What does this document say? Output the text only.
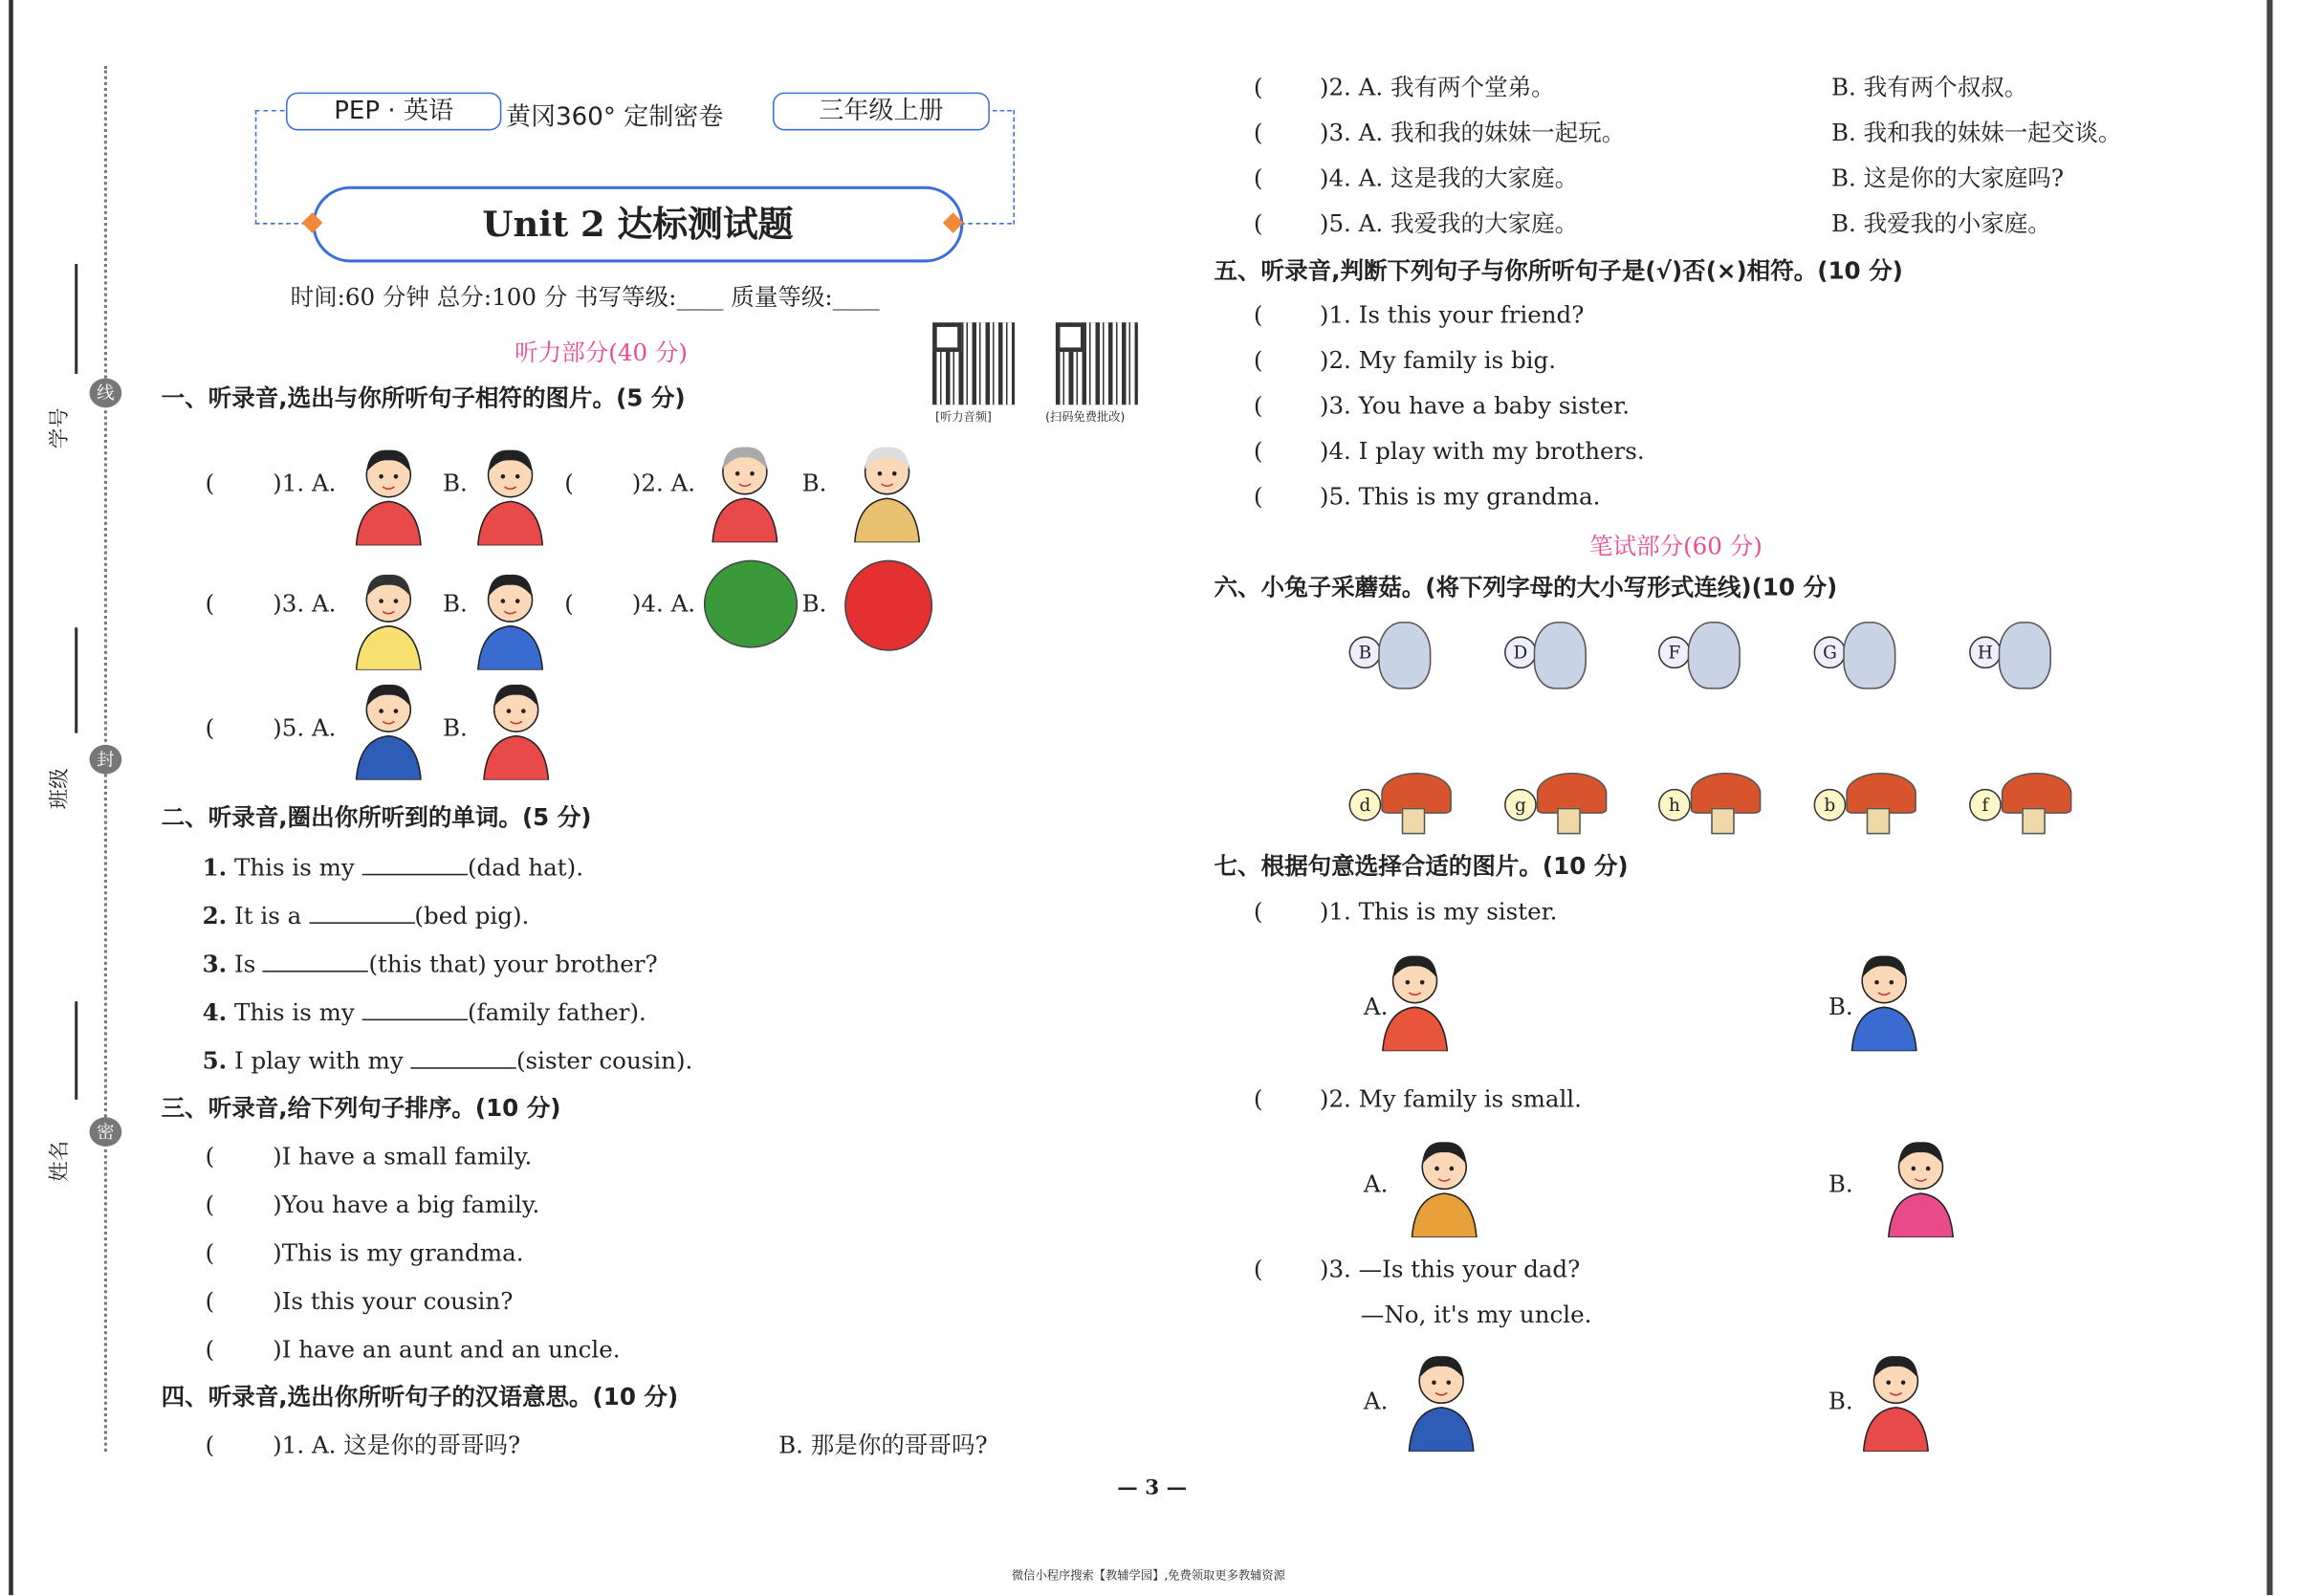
线
封
密
学号
班级
姓名
PEP · 英语	黄冈360° 定制密卷	三年级上册
Unit 2 达标测试题
时间:60 分钟 总分:100 分 书写等级:____ 质量等级:____
听力部分(40 分)
[听力音频]	(扫码免费批改)
一、听录音,选出与你所听句子相符的图片。(5 分)
(	)1. A.	B.	(	)2. A.	B.
(	)3. A.	B.	(	)4. A.	B.
(	)5. A.	B.
二、听录音,圈出你所听到的单词。(5 分)
1. This is my	(dad hat).
2. It is a	(bed pig).
3. Is	(this that) your brother?
4. This is my	(family father).
5. I play with my	(sister cousin).
三、听录音,给下列句子排序。(10 分)
(	)I have a small family.
(	)You have a big family.
(	)This is my grandma.
(	)Is this your cousin?
(	)I have an aunt and an uncle.
四、听录音,选出你所听句子的汉语意思。(10 分)
(	)1. A. 这是你的哥哥吗?	B. 那是你的哥哥吗?
(	)2. A. 我有两个堂弟。	B. 我有两个叔叔。
(	)3. A. 我和我的妹妹一起玩。	B. 我和我的妹妹一起交谈。
(	)4. A. 这是我的大家庭。	B. 这是你的大家庭吗?
(	)5. A. 我爱我的大家庭。	B. 我爱我的小家庭。
五、听录音,判断下列句子与你所听句子是(√)否(×)相符。(10 分)
(	)1. Is this your friend?
(	)2. My family is big.
(	)3. You have a baby sister.
(	)4. I play with my brothers.
(	)5. This is my grandma.
六、小兔子采蘑菇。(将下列字母的大小写形式连线)(10 分)
B
d
D
g
F
h
G
b
H
f
七、根据句意选择合适的图片。(10 分)
(	)1. This is my sister.
A.	B.
(	)2. My family is small.
A.	B.
(	)3. —Is this your dad?
—No, it's my uncle.
A.	B.
笔试部分(60 分)
— 3 —
微信小程序搜索【教辅学园】,免费领取更多教辅资源
